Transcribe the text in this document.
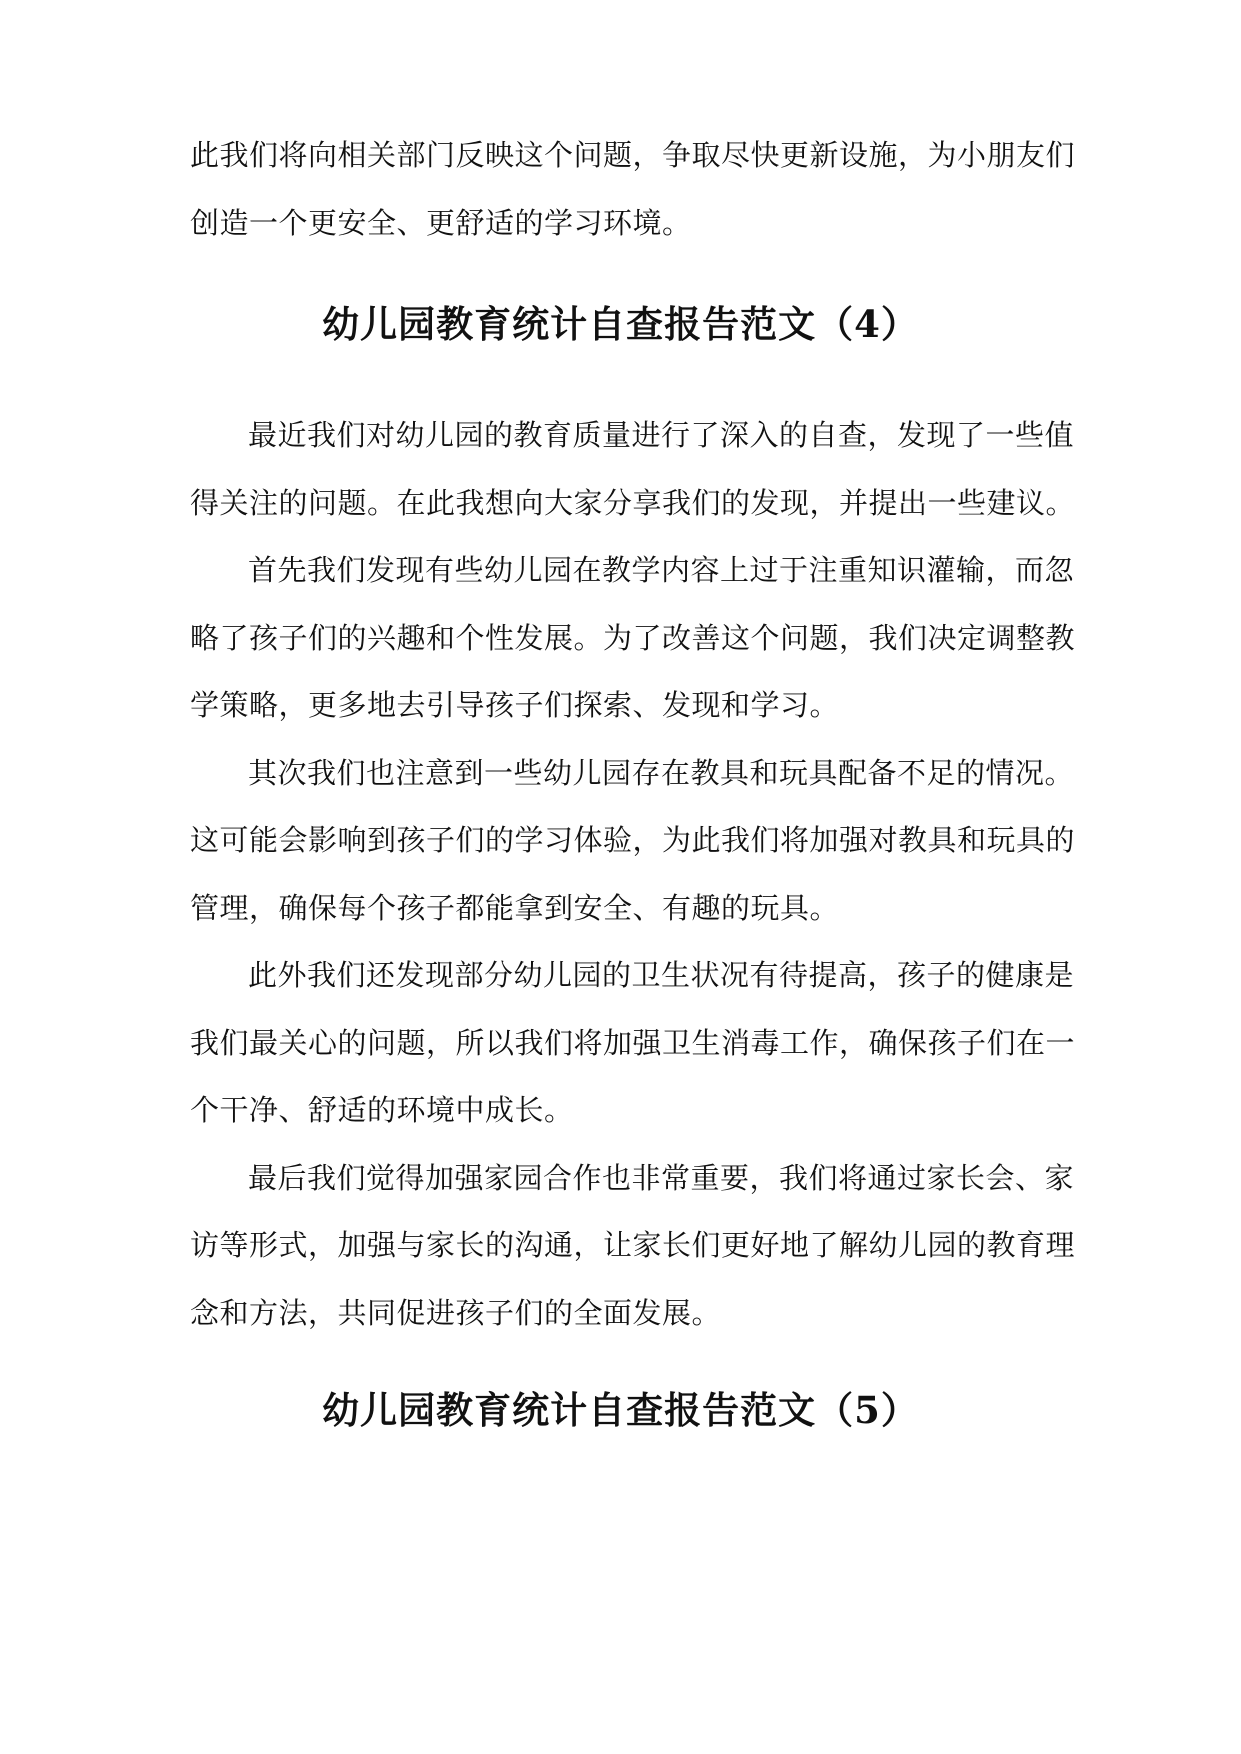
此我们将向相关部门反映这个问题，争取尽快更新设施，为小朋友们
创造一个更安全、更舒适的学习环境。
幼儿园教育统计自查报告范文（4）
最近我们对幼儿园的教育质量进行了深入的自查，发现了一些值
得关注的问题。在此我想向大家分享我们的发现，并提出一些建议。
首先我们发现有些幼儿园在教学内容上过于注重知识灌输，而忽
略了孩子们的兴趣和个性发展。为了改善这个问题，我们决定调整教
学策略，更多地去引导孩子们探索、发现和学习。
其次我们也注意到一些幼儿园存在教具和玩具配备不足的情况。
这可能会影响到孩子们的学习体验，为此我们将加强对教具和玩具的
管理，确保每个孩子都能拿到安全、有趣的玩具。
此外我们还发现部分幼儿园的卫生状况有待提高，孩子的健康是
我们最关心的问题，所以我们将加强卫生消毒工作，确保孩子们在一
个干净、舒适的环境中成长。
最后我们觉得加强家园合作也非常重要，我们将通过家长会、家
访等形式，加强与家长的沟通，让家长们更好地了解幼儿园的教育理
念和方法，共同促进孩子们的全面发展。
幼儿园教育统计自查报告范文（5）
